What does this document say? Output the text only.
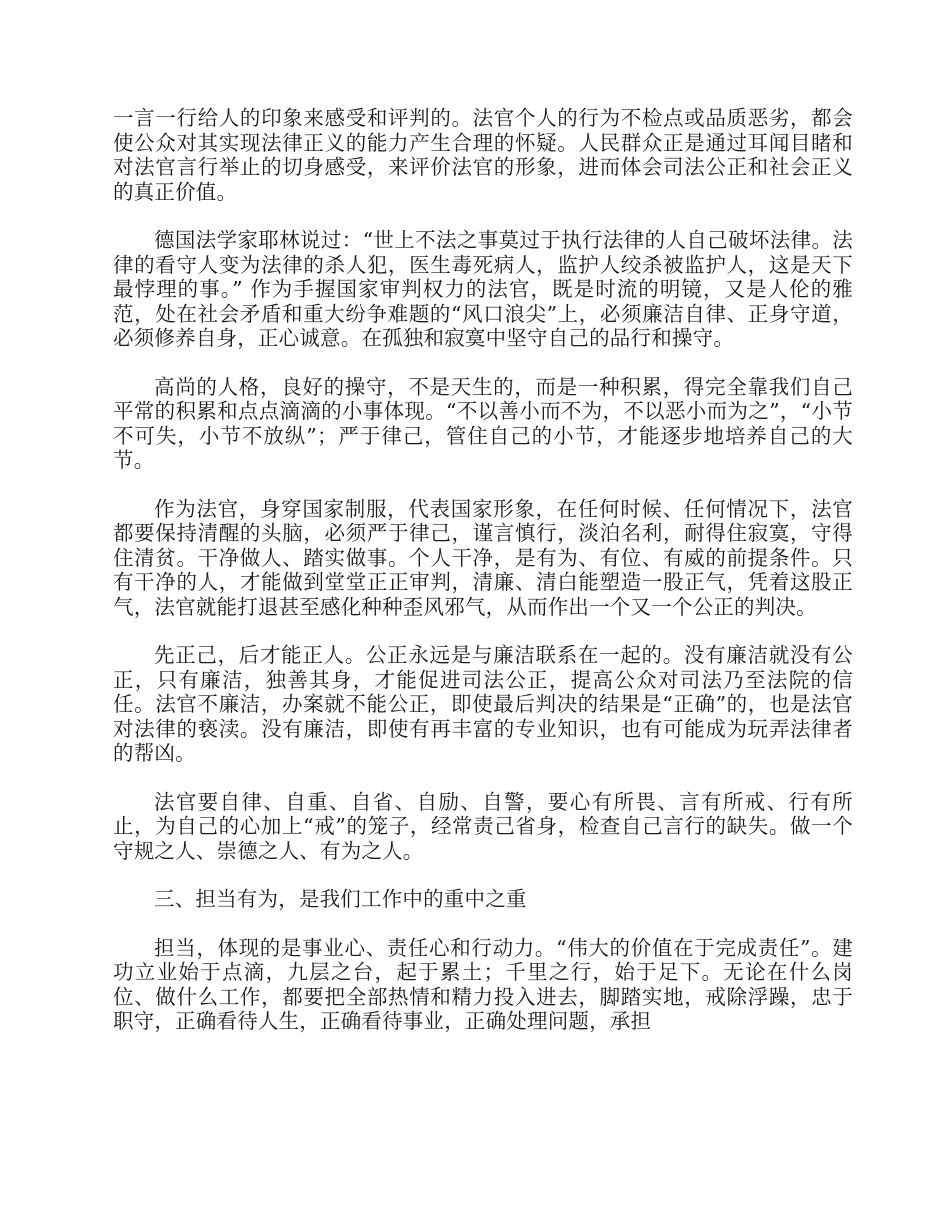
一言一行给人的印象来感受和评判的。法官个人的行为不检点或品质恶劣，都会使公众对其实现法律正义的能力产生合理的怀疑。人民群众正是通过耳闻目睹和对法官言行举止的切身感受，来评价法官的形象，进而体会司法公正和社会正义的真正价值。

德国法学家耶林说过：“世上不法之事莫过于执行法律的人自己破坏法律。法律的看守人变为法律的杀人犯，医生毒死病人，监护人绞杀被监护人，这是天下最悖理的事。” 作为手握国家审判权力的法官，既是时流的明镜，又是人伦的雅范，处在社会矛盾和重大纷争难题的“风口浪尖”上，必须廉洁自律、正身守道，必须修养自身，正心诚意。在孤独和寂寞中坚守自己的品行和操守。

高尚的人格，良好的操守，不是天生的，而是一种积累，得完全靠我们自己平常的积累和点点滴滴的小事体现。“不以善小而不为，不以恶小而为之”，“小节不可失，小节不放纵”；严于律己，管住自己的小节，才能逐步地培养自己的大节。

作为法官，身穿国家制服，代表国家形象，在任何时候、任何情况下，法官都要保持清醒的头脑，必须严于律己，谨言慎行，淡泊名利，耐得住寂寞，守得住清贫。干净做人、踏实做事。个人干净，是有为、有位、有威的前提条件。只有干净的人，才能做到堂堂正正审判，清廉、清白能塑造一股正气，凭着这股正气，法官就能打退甚至感化种种歪风邪气，从而作出一个又一个公正的判决。

先正己，后才能正人。公正永远是与廉洁联系在一起的。没有廉洁就没有公正，只有廉洁，独善其身，才能促进司法公正，提高公众对司法乃至法院的信任。法官不廉洁，办案就不能公正，即使最后判决的结果是“正确”的，也是法官对法律的亵渎。没有廉洁，即使有再丰富的专业知识，也有可能成为玩弄法律者的帮凶。

法官要自律、自重、自省、自励、自警，要心有所畏、言有所戒、行有所止，为自己的心加上“戒”的笼子，经常责己省身，检查自己言行的缺失。做一个守规之人、崇德之人、有为之人。

三、担当有为，是我们工作中的重中之重

担当，体现的是事业心、责任心和行动力。“伟大的价值在于完成责任”。建功立业始于点滴，九层之台，起于累土；千里之行，始于足下。无论在什么岗位、做什么工作，都要把全部热情和精力投入进去，脚踏实地，戒除浮躁，忠于职守，正确看待人生，正确看待事业，正确处理问题，承担
